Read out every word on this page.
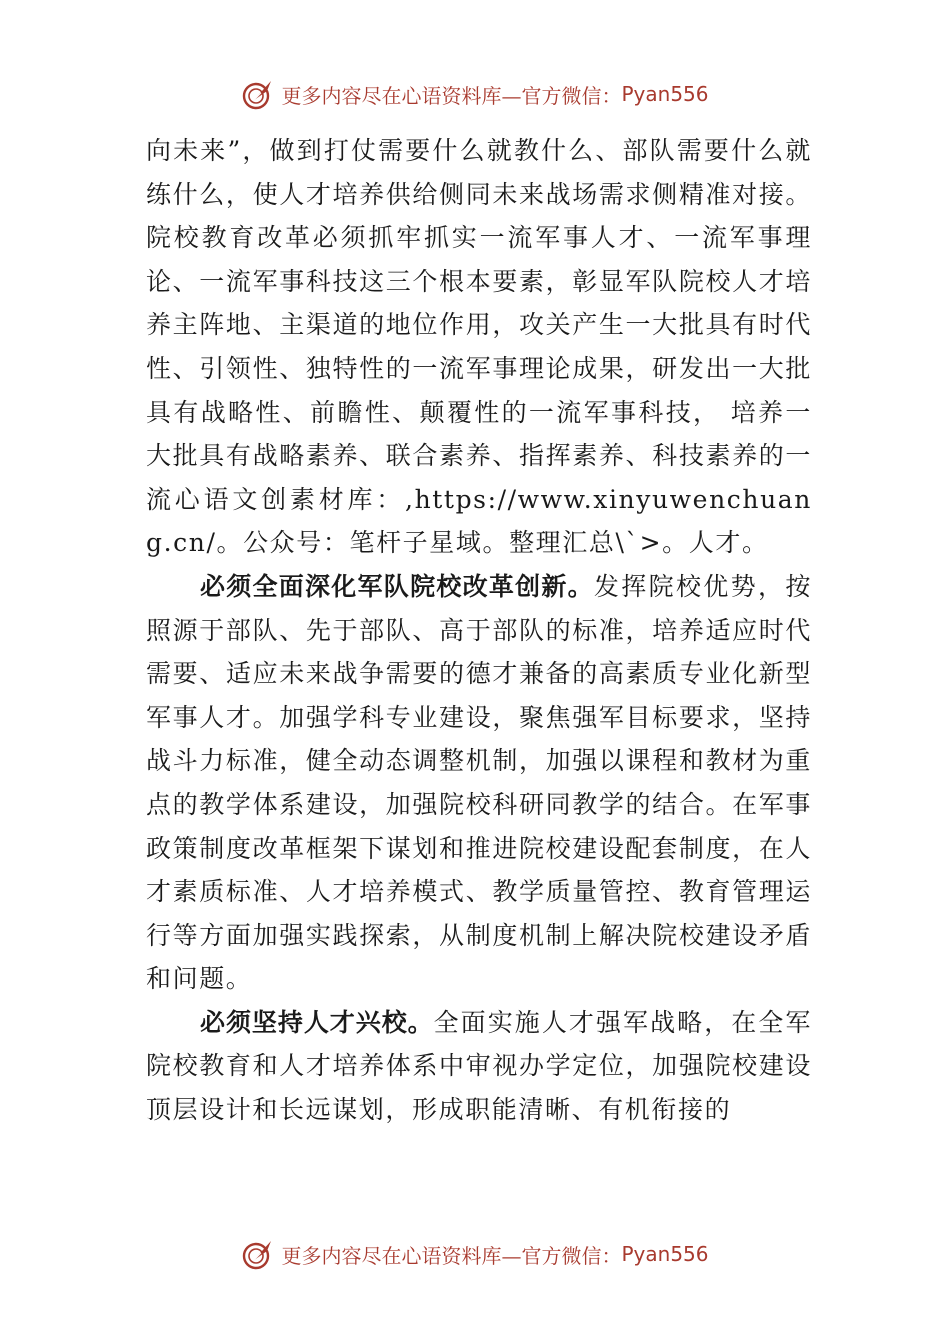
更多内容尽在心语资料库—官方微信： Pyan556

向未来”，做到打仗需要什么就教什么、部队需要什么就练什么，使人才培养供给侧同未来战场需求侧精准对接。院校教育改革必须抓牢抓实一流军事人才、一流军事理论、一流军事科技这三个根本要素，彰显军队院校人才培养主阵地、主渠道的地位作用，攻关产生一大批具有时代性、引领性、独特性的一流军事理论成果，研发出一大批具有战略性、前瞻性、颠覆性的一流军事科技， 培养一大批具有战略素养、联合素养、指挥素养、科技素养的一流心语文创素材库：,https://www.xinyuwenchuang.cn/。公众号：笔杆子星域。整理汇总\`>。人才。

必须全面深化军队院校改革创新。发挥院校优势，按照源于部队、先于部队、高于部队的标准，培养适应时代需要、适应未来战争需要的德才兼备的高素质专业化新型军事人才。加强学科专业建设，聚焦强军目标要求，坚持战斗力标准，健全动态调整机制，加强以课程和教材为重点的教学体系建设，加强院校科研同教学的结合。在军事政策制度改革框架下谋划和推进院校建设配套制度，在人才素质标准、人才培养模式、教学质量管控、教育管理运行等方面加强实践探索，从制度机制上解决院校建设矛盾和问题。

必须坚持人才兴校。全面实施人才强军战略，在全军院校教育和人才培养体系中审视办学定位，加强院校建设顶层设计和长远谋划，形成职能清晰、有机衔接的

更多内容尽在心语资料库—官方微信： Pyan556
